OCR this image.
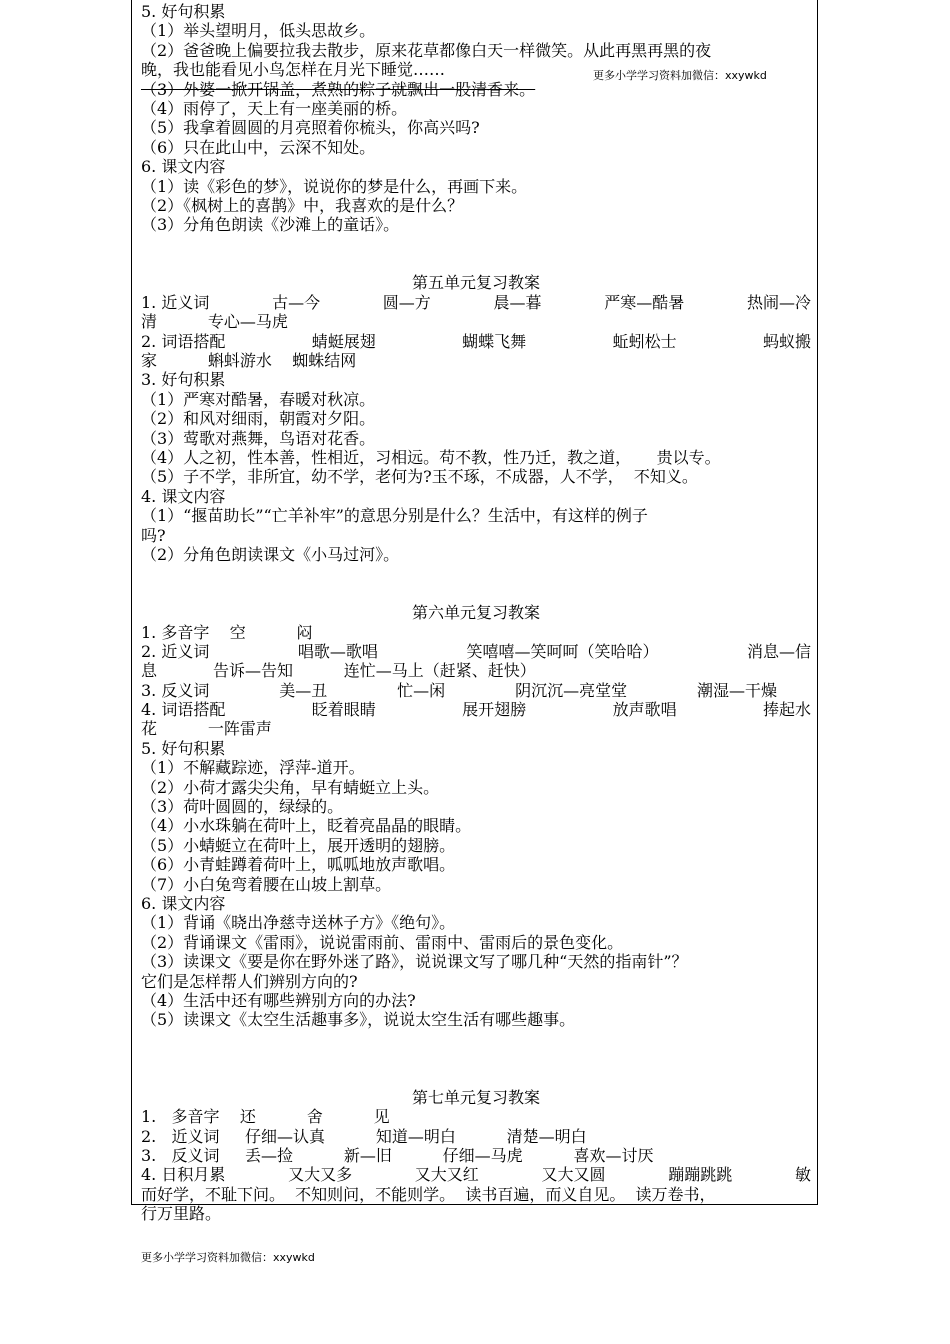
5. 好句积累
（1）举头望明月，低头思故乡。
（2）爸爸晚上偏要拉我去散步，原来花草都像白天一样微笑。从此再黑再黑的夜
晚，我也能看见小鸟怎样在月光下睡觉……
（3）外婆一掀开锅盖，煮熟的粽子就飘出一股清香来。
（4）雨停了，天上有一座美丽的桥。
（5）我拿着圆圆的月亮照着你梳头，你高兴吗?
（6）只在此山中，云深不知处。
6. 课文内容
（1）读《彩色的梦》，说说你的梦是什么，再画下来。
（2）《枫树上的喜鹊》中，我喜欢的是什么？
（3）分角色朗读《沙滩上的童话》。
第五单元复习教案
1. 近义词	古—今	圆—方	晨—暮	严寒—酷暑	热闹—冷
清          专心—马虎
2. 词语搭配	蜻蜓展翅	蝴蝶飞舞	蚯蚓松士	蚂蚁搬
家          蝌蚪游水    蜘蛛结网
3. 好句积累
（1）严寒对酷暑，春暖对秋凉。
（2）和风对细雨，朝霞对夕阳。
（3）莺歌对燕舞，鸟语对花香。
（4）人之初，性本善，性相近，习相远。苟不教，性乃迁，教之道，     贵以专。
（5）子不学，非所宜，幼不学，老何为?玉不琢，不成器，人不学，  不知义。
4. 课文内容
（1）“揠苗助长”“亡羊补牢”的意思分别是什么？生活中，有这样的例子
吗?
（2）分角色朗读课文《小马过河》。
第六单元复习教案
1. 多音字    空          闷
2. 近义词	唱歌—歌唱	笑嘻嘻—笑呵呵（笑哈哈）	消息—信
息           告诉—告知          连忙—马上（赶紧、赶快）
3. 反义词	美—丑	忙—闲	阴沉沉—亮堂堂	潮湿—干燥
4. 词语搭配	眨着眼睛	展开翅膀	放声歌唱	捧起水
花          一阵雷声
5. 好句积累
（1）不解藏踪迹，浮萍-道开。
（2）小荷才露尖尖角，早有蜻蜓立上头。
（3）荷叶圆圆的，绿绿的。
（4）小水珠躺在荷叶上，眨着亮晶晶的眼睛。
（5）小蜻蜓立在荷叶上，展开透明的翅膀。
（6）小青蛙蹲着荷叶上，呱呱地放声歌唱。
（7）小白兔弯着腰在山坡上割草。
6. 课文内容
（1）背诵《晓出净慈寺送林子方》《绝句》。
（2）背诵课文《雷雨》，说说雷雨前、雷雨中、雷雨后的景色变化。
（3）读课文《要是你在野外迷了路》，说说课文写了哪几种“天然的指南针”？
它们是怎样帮人们辨别方向的?
（4）生活中还有哪些辨别方向的办法?
（5）读课文《太空生活趣事多》，说说太空生活有哪些趣事。
第七单元复习教案
1.   多音字    还          舍          见
2.   近义词     仔细—认真          知道—明白          清楚—明白
3.   反义词     丢—捡          新—旧          仔细—马虎          喜欢—讨厌
4. 日积月累	又大又多	又大又红	又大又圆	蹦蹦跳跳	敏
而好学，不耻下问。  不知则问，不能则学。  读书百遍，而义自见。  读万卷书，
行万里路。
更多小学学习资料加微信：xxywkd
更多小学学习资料加微信：xxywkd
